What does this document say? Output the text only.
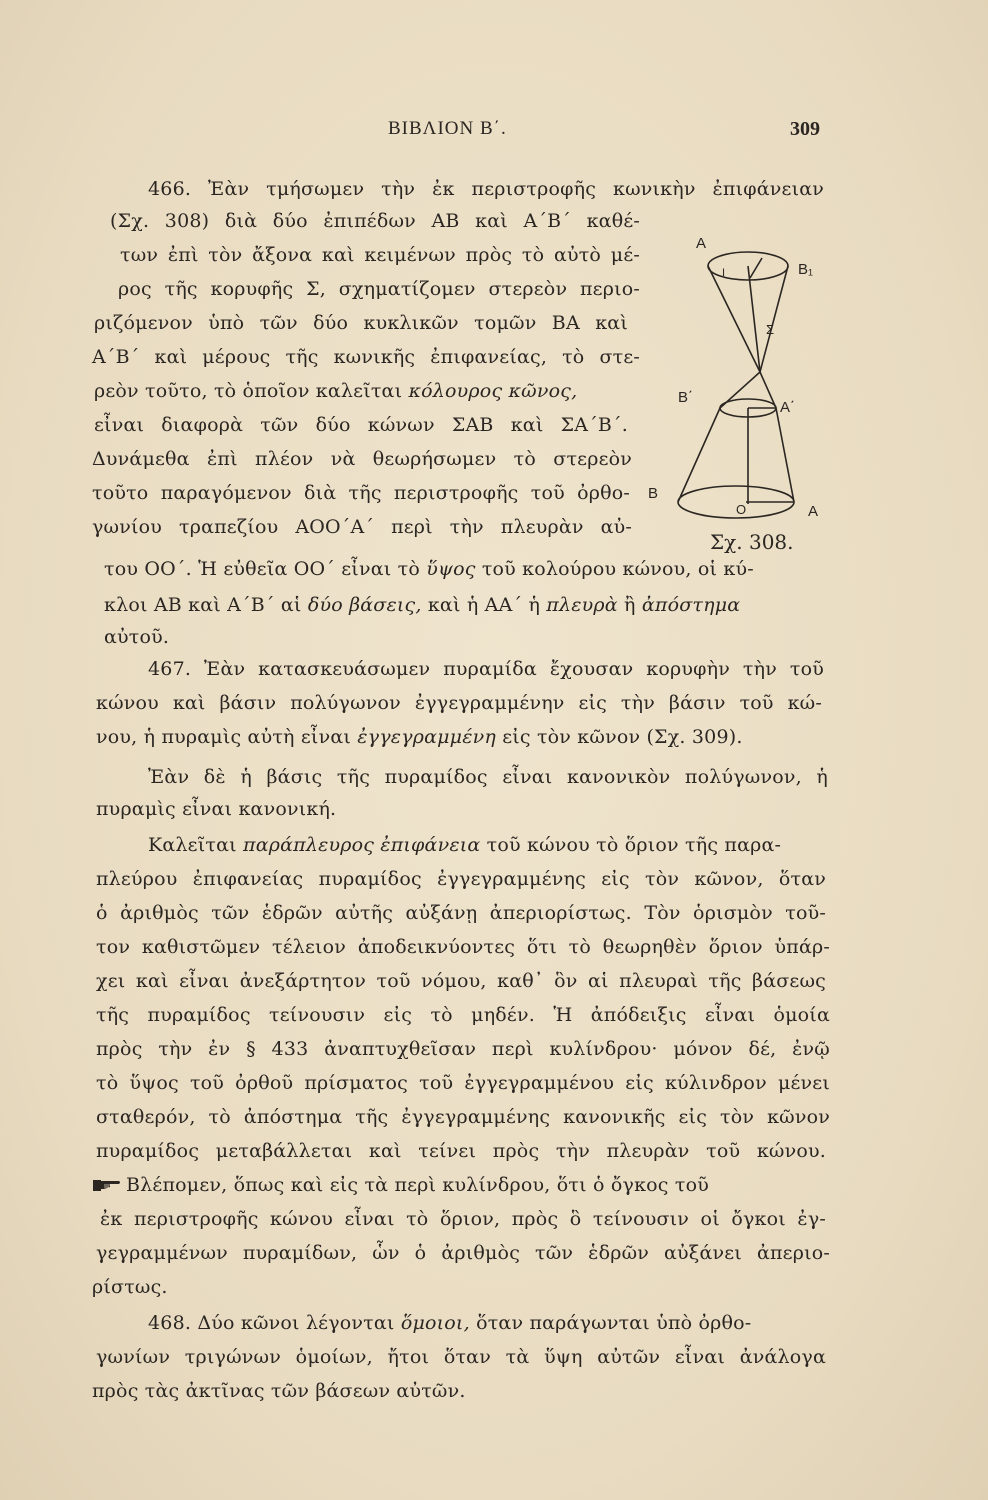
ΒΙΒΛΙΟΝ Β΄.	309
466. Ἐὰν τμήσωμεν τὴν ἐκ περιστροφῆς κωνικὴν ἐπιφάνειαν
(Σχ. 308) διὰ δύο ἐπιπέδων ΑΒ καὶ Α΄Β΄ καθέ-
των ἐπὶ τὸν ἄξονα καὶ κειμένων πρὸς τὸ αὐτὸ μέ-
ρος τῆς κορυφῆς Σ, σχηματίζομεν στερεὸν περιο-
ριζόμενον ὑπὸ τῶν δύο κυκλικῶν τομῶν ΒΑ καὶ
Α΄Β΄ καὶ μέρους τῆς κωνικῆς ἐπιφανείας, τὸ στε-
ρεὸν τοῦτο, τὸ ὁποῖον καλεῖται κόλουρος κῶνος,
εἶναι διαφορὰ τῶν δύο κώνων ΣΑΒ καὶ ΣΑ΄Β΄.
Δυνάμεθα ἐπὶ πλέον νὰ θεωρήσωμεν τὸ στερεὸν
τοῦτο παραγόμενον διὰ τῆς περιστροφῆς τοῦ ὀρθο-
γωνίου τραπεζίου ΑΟΟ΄Α΄ περὶ τὴν πλευρὰν αὐ-
του ΟΟ΄. Ἡ εὐθεῖα ΟΟ΄ εἶναι τὸ ὕψος τοῦ κολούρου κώνου, οἱ κύ-
κλοι ΑΒ καὶ Α΄Β΄ αἱ δύο βάσεις, καὶ ἡ ΑΑ΄ ἡ πλευρὰ ἢ ἀπόστημα
αὐτοῦ.
467. Ἐὰν κατασκευάσωμεν πυραμίδα ἔχουσαν κορυφὴν τὴν τοῦ
κώνου καὶ βάσιν πολύγωνον ἐγγεγραμμένην εἰς τὴν βάσιν τοῦ κώ-
νου, ἡ πυραμὶς αὐτὴ εἶναι ἐγγεγραμμένη εἰς τὸν κῶνον (Σχ. 309).
Ἐὰν δὲ ἡ βάσις τῆς πυραμίδος εἶναι κανονικὸν πολύγωνον, ἡ
πυραμὶς εἶναι κανονική.
Καλεῖται παράπλευρος ἐπιφάνεια τοῦ κώνου τὸ ὅριον τῆς παρα-
πλεύρου ἐπιφανείας πυραμίδος ἐγγεγραμμένης εἰς τὸν κῶνον, ὅταν
ὁ ἀριθμὸς τῶν ἑδρῶν αὐτῆς αὐξάνῃ ἀπεριορίστως. Τὸν ὁρισμὸν τοῦ-
τον καθιστῶμεν τέλειον ἀποδεικνύοντες ὅτι τὸ θεωρηθὲν ὅριον ὑπάρ-
χει καὶ εἶναι ἀνεξάρτητον τοῦ νόμου, καθ᾽ ὃν αἱ πλευραὶ τῆς βάσεως
τῆς πυραμίδος τείνουσιν εἰς τὸ μηδέν. Ἡ ἀπόδειξις εἶναι ὁμοία
πρὸς τὴν ἐν § 433 ἀναπτυχθεῖσαν περὶ κυλίνδρου· μόνον δέ, ἐνῷ
τὸ ὕψος τοῦ ὀρθοῦ πρίσματος τοῦ ἐγγεγραμμένου εἰς κύλινδρον μένει
σταθερόν, τὸ ἀπόστημα τῆς ἐγγεγραμμένης κανονικῆς εἰς τὸν κῶνον
πυραμίδος μεταβάλλεται καὶ τείνει πρὸς τὴν πλευρὰν τοῦ κώνου.
Βλέπομεν, ὅπως καὶ εἰς τὰ περὶ κυλίνδρου, ὅτι ὁ ὄγκος τοῦ
ἐκ περιστροφῆς κώνου εἶναι τὸ ὅριον, πρὸς ὃ τείνουσιν οἱ ὄγκοι ἐγ-
γεγραμμένων πυραμίδων, ὧν ὁ ἀριθμὸς τῶν ἑδρῶν αὐξάνει ἀπεριο-
ρίστως.
468. Δύο κῶνοι λέγονται ὅμοιοι, ὅταν παράγωνται ὑπὸ ὀρθο-
γωνίων τριγώνων ὁμοίων, ἤτοι ὅταν τὰ ὕψη αὐτῶν εἶναι ἀνάλογα
πρὸς τὰς ἀκτῖνας τῶν βάσεων αὐτῶν.
Α
Ι	Β₁
Σ
Β΄
Α΄
Β
Ο	Α
Σχ. 308.
